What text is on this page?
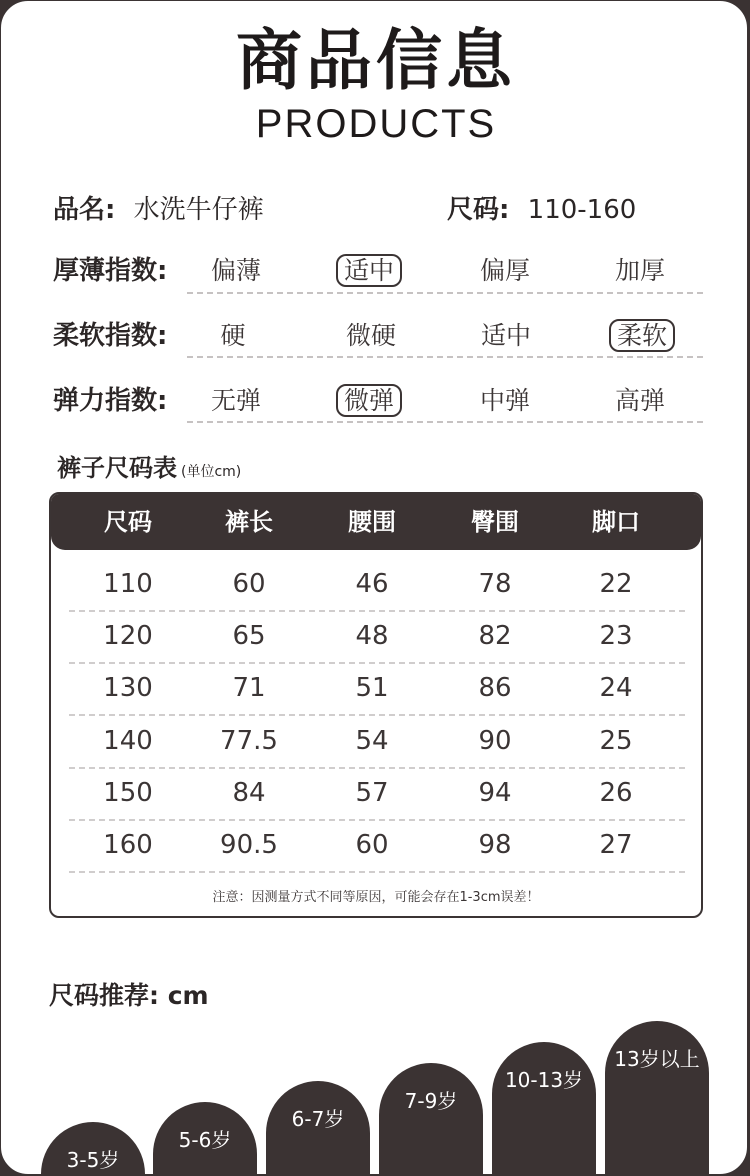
商品信息
PRODUCTS
品名: 水洗牛仔裤	尺码: 110-160
厚薄指数:	偏薄	适中	偏厚	加厚
柔软指数:	硬	微硬	适中	柔软
弹力指数:	无弹	微弹	中弹	高弹
裤子尺码表 (单位cm)
尺码	裤长	腰围	臀围	脚口
110	60	46	78	22
120	65	48	82	23
130	71	51	86	24
140	77.5	54	90	25
150	84	57	94	26
160	90.5	60	98	27
注意：因测量方式不同等原因，可能会存在1-3cm误差！
尺码推荐: cm
3-5岁
5-6岁
6-7岁
7-9岁
10-13岁
13岁以上
